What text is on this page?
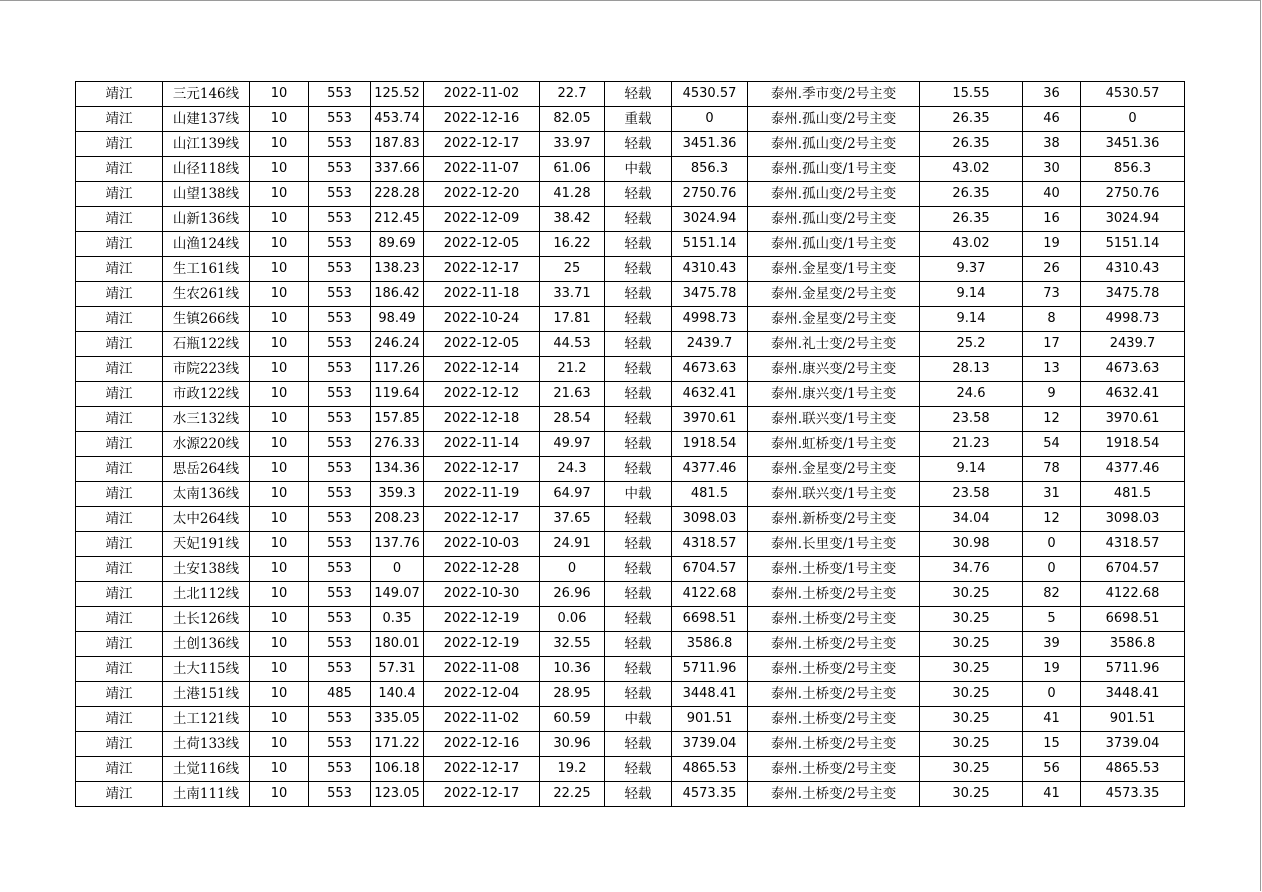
靖江	三元146线	10	553	125.52	2022-11-02	22.7	轻载	4530.57	泰州.季市变/2号主变	15.55	36	4530.57
靖江	山建137线	10	553	453.74	2022-12-16	82.05	重载	0	泰州.孤山变/2号主变	26.35	46	0
靖江	山江139线	10	553	187.83	2022-12-17	33.97	轻载	3451.36	泰州.孤山变/2号主变	26.35	38	3451.36
靖江	山径118线	10	553	337.66	2022-11-07	61.06	中载	856.3	泰州.孤山变/1号主变	43.02	30	856.3
靖江	山望138线	10	553	228.28	2022-12-20	41.28	轻载	2750.76	泰州.孤山变/2号主变	26.35	40	2750.76
靖江	山新136线	10	553	212.45	2022-12-09	38.42	轻载	3024.94	泰州.孤山变/2号主变	26.35	16	3024.94
靖江	山渔124线	10	553	89.69	2022-12-05	16.22	轻载	5151.14	泰州.孤山变/1号主变	43.02	19	5151.14
靖江	生工161线	10	553	138.23	2022-12-17	25	轻载	4310.43	泰州.金星变/1号主变	9.37	26	4310.43
靖江	生农261线	10	553	186.42	2022-11-18	33.71	轻载	3475.78	泰州.金星变/2号主变	9.14	73	3475.78
靖江	生镇266线	10	553	98.49	2022-10-24	17.81	轻载	4998.73	泰州.金星变/2号主变	9.14	8	4998.73
靖江	石瓶122线	10	553	246.24	2022-12-05	44.53	轻载	2439.7	泰州.礼士变/2号主变	25.2	17	2439.7
靖江	市院223线	10	553	117.26	2022-12-14	21.2	轻载	4673.63	泰州.康兴变/2号主变	28.13	13	4673.63
靖江	市政122线	10	553	119.64	2022-12-12	21.63	轻载	4632.41	泰州.康兴变/1号主变	24.6	9	4632.41
靖江	水三132线	10	553	157.85	2022-12-18	28.54	轻载	3970.61	泰州.联兴变/1号主变	23.58	12	3970.61
靖江	水源220线	10	553	276.33	2022-11-14	49.97	轻载	1918.54	泰州.虹桥变/1号主变	21.23	54	1918.54
靖江	思岳264线	10	553	134.36	2022-12-17	24.3	轻载	4377.46	泰州.金星变/2号主变	9.14	78	4377.46
靖江	太南136线	10	553	359.3	2022-11-19	64.97	中载	481.5	泰州.联兴变/1号主变	23.58	31	481.5
靖江	太中264线	10	553	208.23	2022-12-17	37.65	轻载	3098.03	泰州.新桥变/2号主变	34.04	12	3098.03
靖江	天妃191线	10	553	137.76	2022-10-03	24.91	轻载	4318.57	泰州.长里变/1号主变	30.98	0	4318.57
靖江	土安138线	10	553	0	2022-12-28	0	轻载	6704.57	泰州.土桥变/1号主变	34.76	0	6704.57
靖江	土北112线	10	553	149.07	2022-10-30	26.96	轻载	4122.68	泰州.土桥变/2号主变	30.25	82	4122.68
靖江	土长126线	10	553	0.35	2022-12-19	0.06	轻载	6698.51	泰州.土桥变/2号主变	30.25	5	6698.51
靖江	土创136线	10	553	180.01	2022-12-19	32.55	轻载	3586.8	泰州.土桥变/2号主变	30.25	39	3586.8
靖江	土大115线	10	553	57.31	2022-11-08	10.36	轻载	5711.96	泰州.土桥变/2号主变	30.25	19	5711.96
靖江	土港151线	10	485	140.4	2022-12-04	28.95	轻载	3448.41	泰州.土桥变/2号主变	30.25	0	3448.41
靖江	土工121线	10	553	335.05	2022-11-02	60.59	中载	901.51	泰州.土桥变/2号主变	30.25	41	901.51
靖江	土荷133线	10	553	171.22	2022-12-16	30.96	轻载	3739.04	泰州.土桥变/2号主变	30.25	15	3739.04
靖江	土觉116线	10	553	106.18	2022-12-17	19.2	轻载	4865.53	泰州.土桥变/2号主变	30.25	56	4865.53
靖江	土南111线	10	553	123.05	2022-12-17	22.25	轻载	4573.35	泰州.土桥变/2号主变	30.25	41	4573.35
